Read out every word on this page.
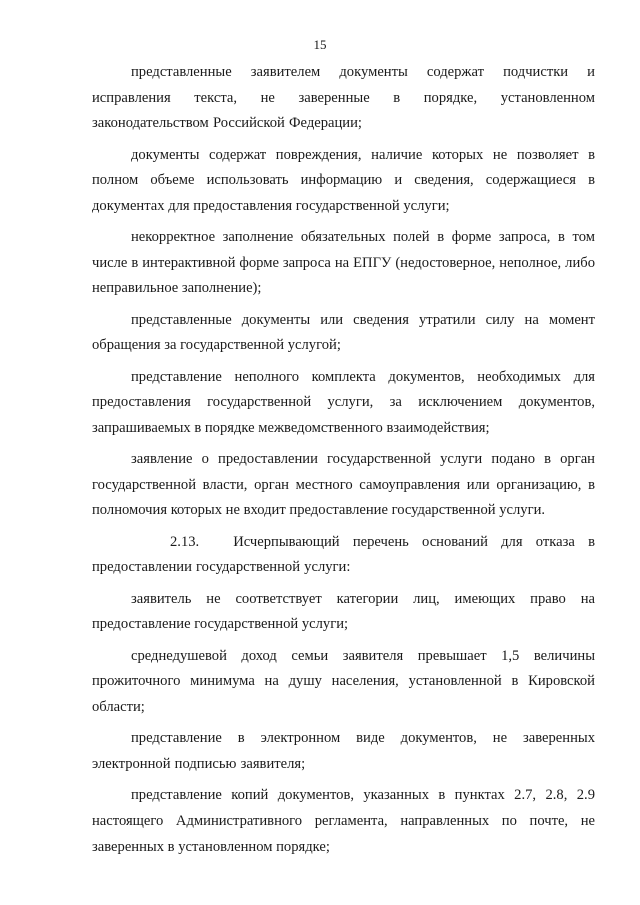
15

представленные заявителем документы содержат подчистки и исправления текста, не заверенные в порядке, установленном законодательством Российской Федерации;

документы содержат повреждения, наличие которых не позволяет в полном объеме использовать информацию и сведения, содержащиеся в документах для предоставления государственной услуги;

некорректное заполнение обязательных полей в форме запроса, в том числе в интерактивной форме запроса на ЕПГУ (недостоверное, неполное, либо неправильное заполнение);

представленные документы или сведения утратили силу на момент обращения за государственной услугой;

представление неполного комплекта документов, необходимых для предоставления государственной услуги, за исключением документов, запрашиваемых в порядке межведомственного взаимодействия;

заявление о предоставлении государственной услуги подано в орган государственной власти, орган местного самоуправления или организацию, в полномочия которых не входит предоставление государственной услуги.

2.13. Исчерпывающий перечень оснований для отказа в предоставлении государственной услуги:

заявитель не соответствует категории лиц, имеющих право на предоставление государственной услуги;

среднедушевой доход семьи заявителя превышает 1,5 величины прожиточного минимума на душу населения, установленной в Кировской области;

представление в электронном виде документов, не заверенных электронной подписью заявителя;

представление копий документов, указанных в пунктах 2.7, 2.8, 2.9 настоящего Административного регламента, направленных по почте, не заверенных в установленном порядке;
